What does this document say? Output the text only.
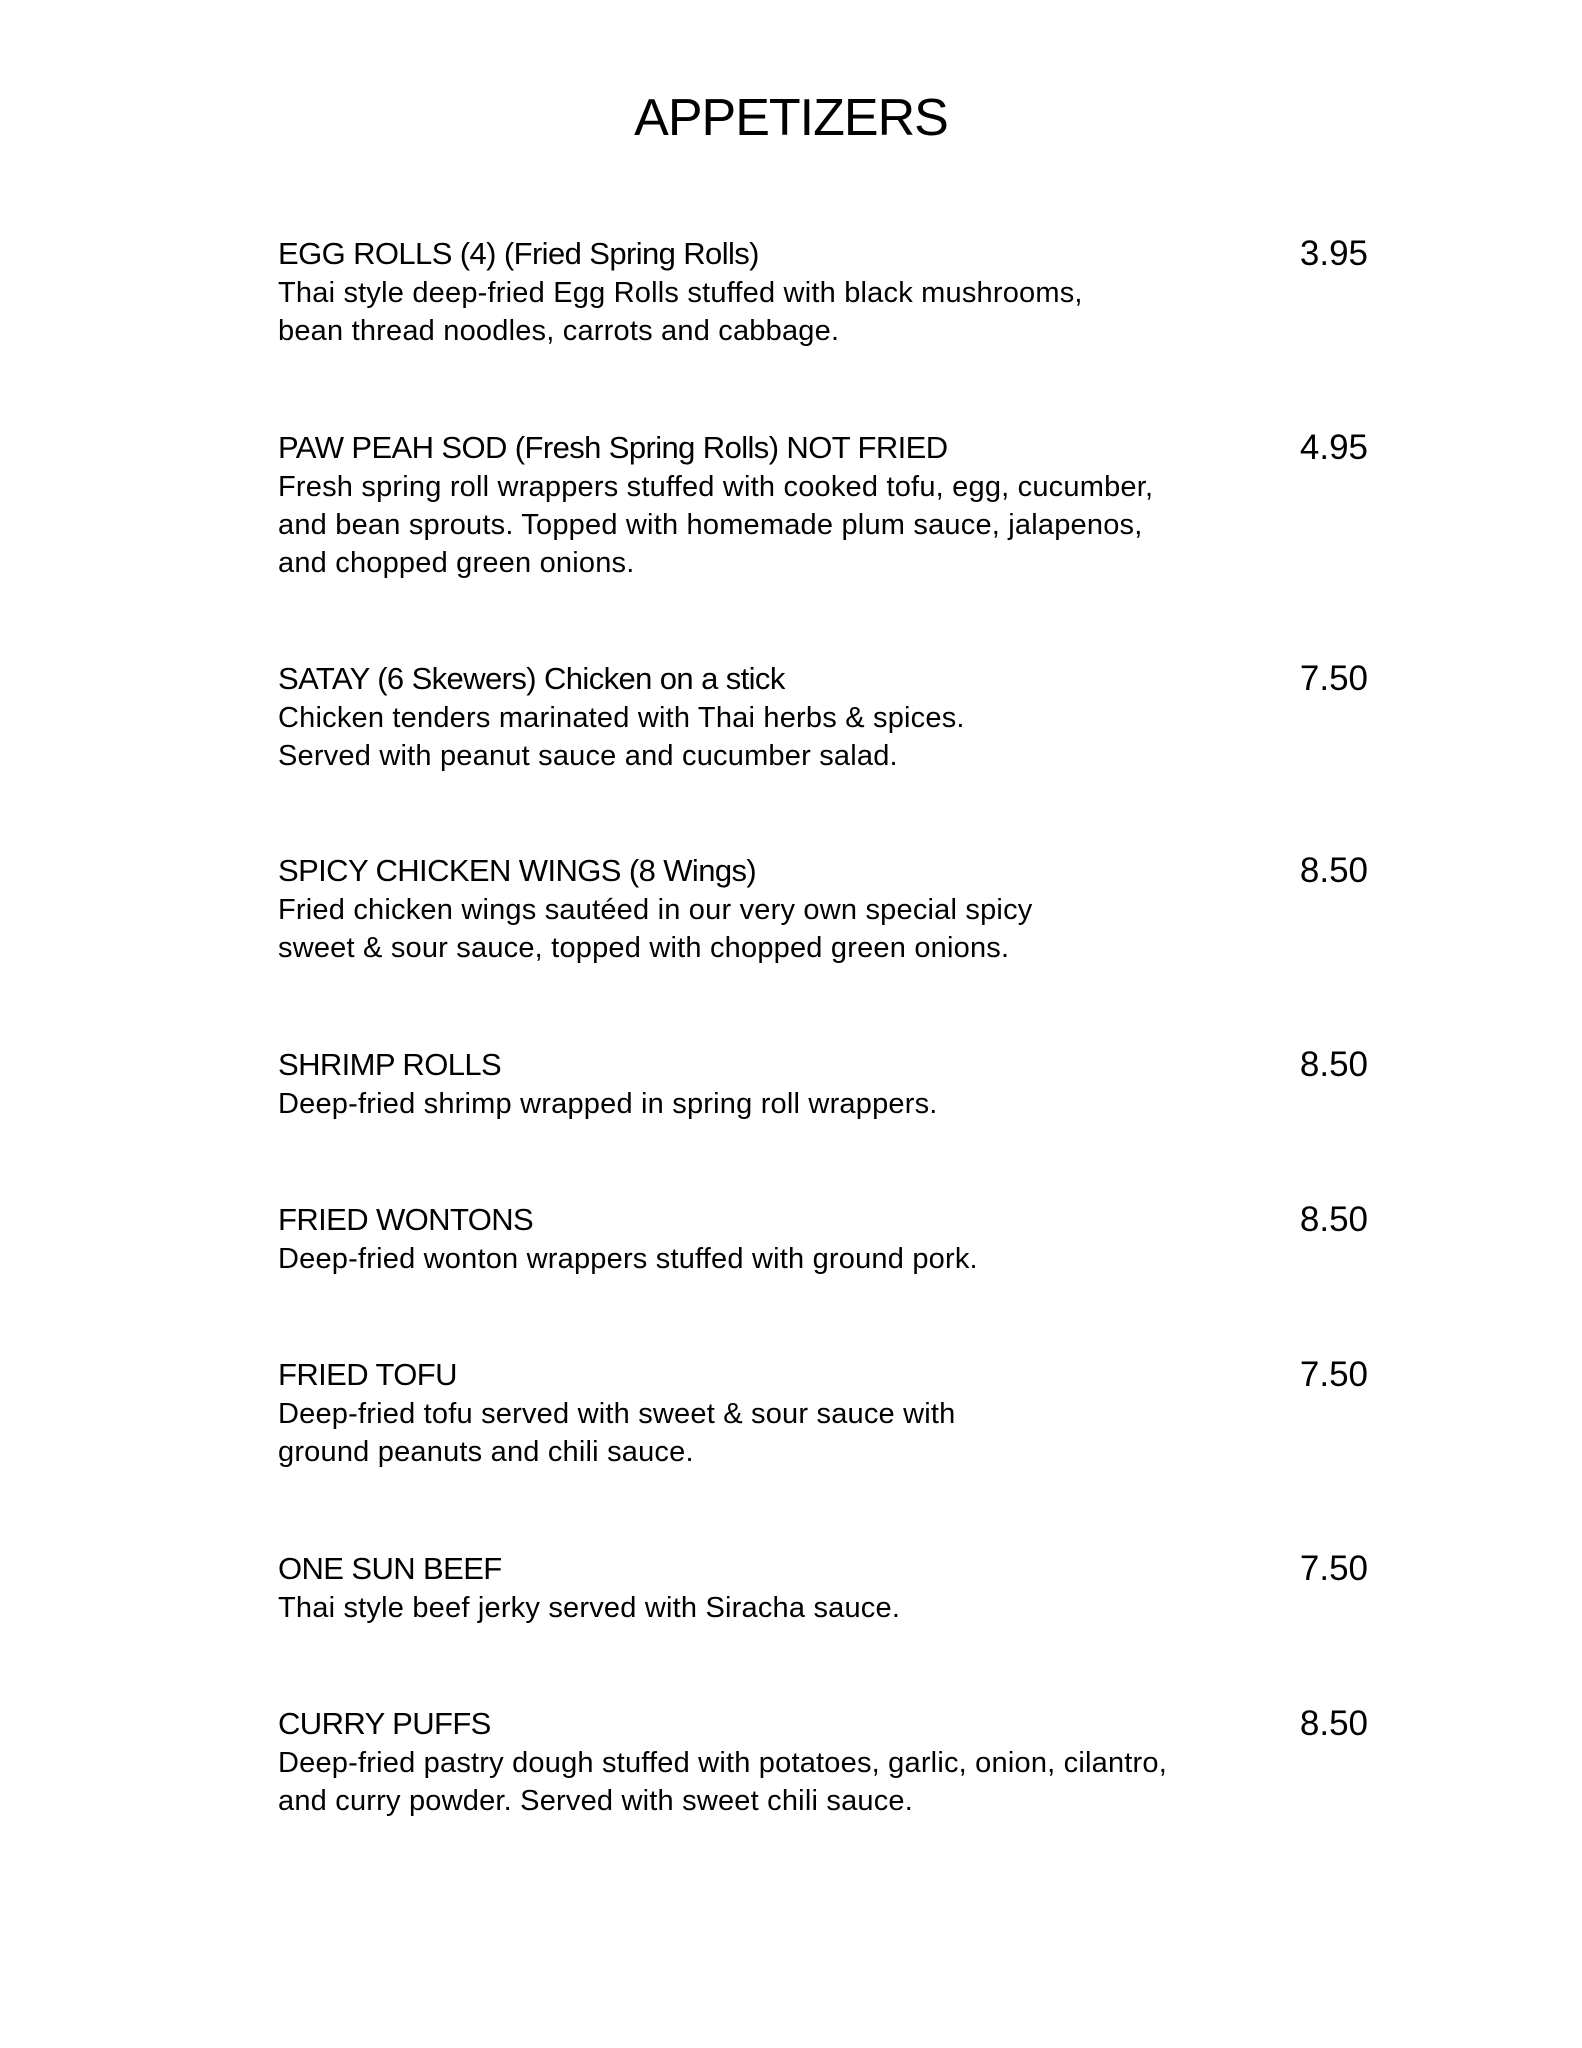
APPETIZERS
EGG ROLLS (4) (Fried Spring Rolls)	3.95
Thai style deep-fried Egg Rolls stuffed with black mushrooms,
bean thread noodles, carrots and cabbage.
PAW PEAH SOD (Fresh Spring Rolls) NOT FRIED	4.95
Fresh spring roll wrappers stuffed with cooked tofu, egg, cucumber,
and bean sprouts. Topped with homemade plum sauce, jalapenos,
and chopped green onions.
SATAY (6 Skewers) Chicken on a stick	7.50
Chicken tenders marinated with Thai herbs & spices.
Served with peanut sauce and cucumber salad.
SPICY CHICKEN WINGS (8 Wings)	8.50
Fried chicken wings sautéed in our very own special spicy
sweet & sour sauce, topped with chopped green onions.
SHRIMP ROLLS	8.50
Deep-fried shrimp wrapped in spring roll wrappers.
FRIED WONTONS	8.50
Deep-fried wonton wrappers stuffed with ground pork.
FRIED TOFU	7.50
Deep-fried tofu served with sweet & sour sauce with
ground peanuts and chili sauce.
ONE SUN BEEF	7.50
Thai style beef jerky served with Siracha sauce.
CURRY PUFFS	8.50
Deep-fried pastry dough stuffed with potatoes, garlic, onion, cilantro,
and curry powder. Served with sweet chili sauce.
